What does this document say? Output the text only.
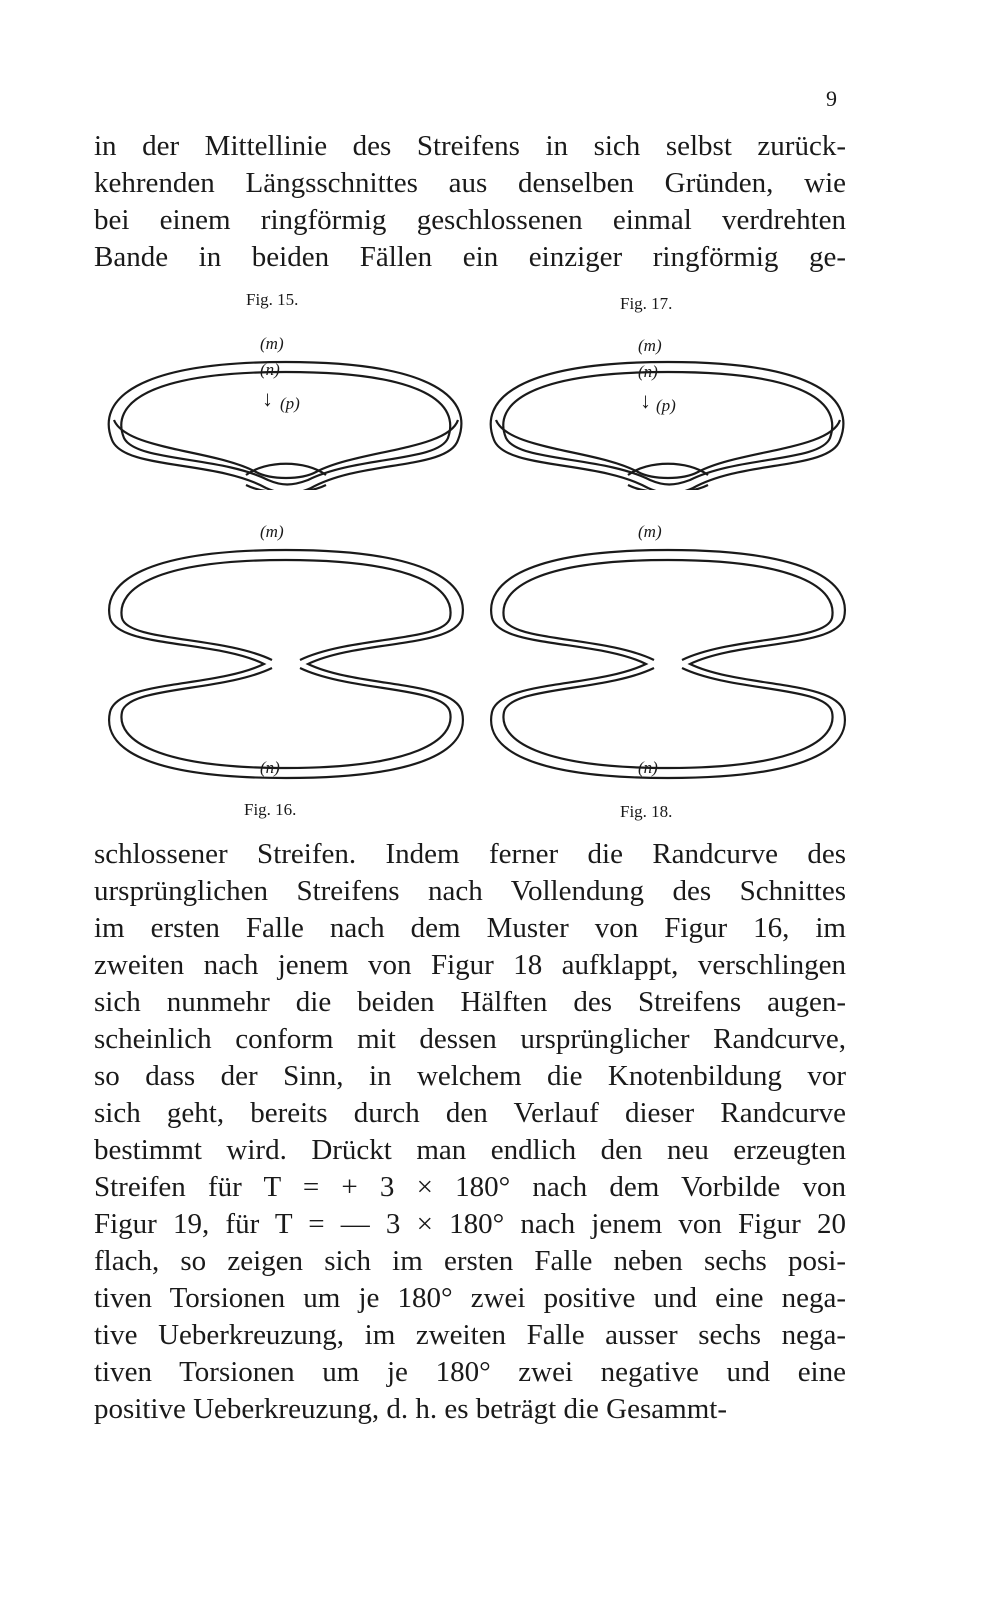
9
in der Mittellinie des Streifens in sich selbst zurück-
kehrenden Längsschnittes aus denselben Gründen, wie
bei einem ringförmig geschlossenen einmal verdrehten
Bande in beiden Fällen ein einziger ringförmig ge-
Fig. 15.
(m)
(n)
↓ (p)
Fig. 17.
(m)
(n)
↓ (p)
(m)
(n)
Fig. 16.
(m)
(n)
Fig. 18.
schlossener Streifen. Indem ferner die Randcurve des
ursprünglichen Streifens nach Vollendung des Schnittes
im ersten Falle nach dem Muster von Figur 16, im
zweiten nach jenem von Figur 18 aufklappt, verschlingen
sich nunmehr die beiden Hälften des Streifens augen-
scheinlich conform mit dessen ursprünglicher Randcurve,
so dass der Sinn, in welchem die Knotenbildung vor
sich geht, bereits durch den Verlauf dieser Randcurve
bestimmt wird. Drückt man endlich den neu erzeugten
Streifen für T = + 3 × 180° nach dem Vorbilde von
Figur 19, für T = — 3 × 180° nach jenem von Figur 20
flach, so zeigen sich im ersten Falle neben sechs posi-
tiven Torsionen um je 180° zwei positive und eine nega-
tive Ueberkreuzung, im zweiten Falle ausser sechs nega-
tiven Torsionen um je 180° zwei negative und eine
positive Ueberkreuzung, d. h. es beträgt die Gesammt-
